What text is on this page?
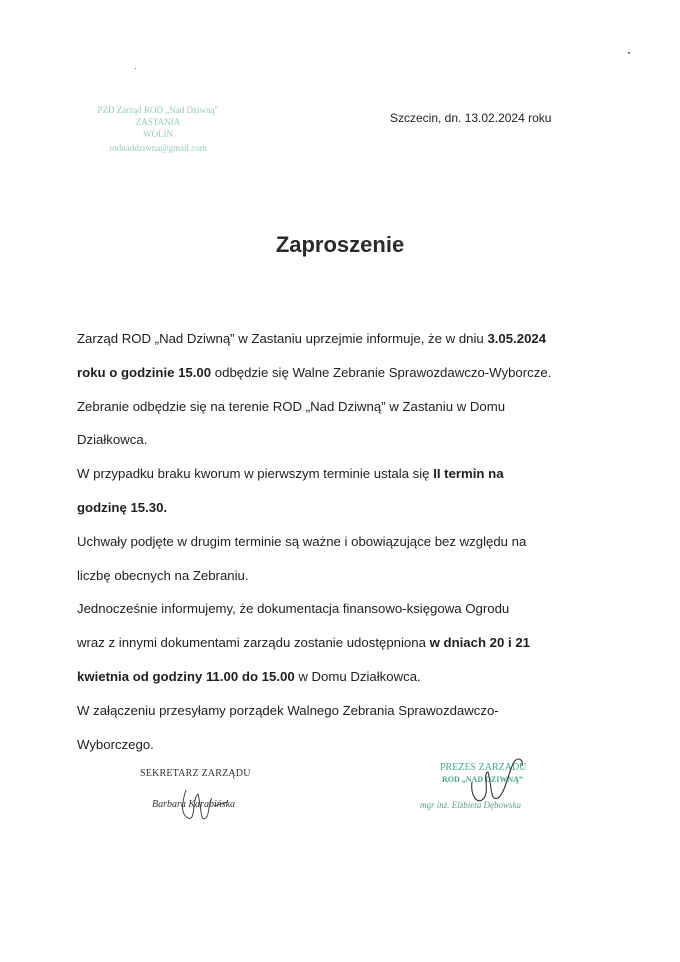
PZD Zarząd ROD „Nad Dziwną”
ZASTANIA
WOLIN
rodnaddziwna@gmail.com
Szczecin, dn. 13.02.2024 roku
Zaproszenie
Zarząd ROD „Nad Dziwną” w Zastaniu uprzejmie informuje, że w dniu 3.05.2024
roku o godzinie 15.00 odbędzie się Walne Zebranie Sprawozdawczo-Wyborcze.
Zebranie odbędzie się na terenie ROD „Nad Dziwną” w Zastaniu w Domu
Działkowca.
W przypadku braku kworum w pierwszym terminie ustala się II termin na
godzinę 15.30.
Uchwały podjęte w drugim terminie są ważne i obowiązujące bez względu na
liczbę obecnych na Zebraniu.
Jednocześnie informujemy, że dokumentacja finansowo-księgowa Ogrodu
wraz z innymi dokumentami zarządu zostanie udostępniona w dniach 20 i 21
kwietnia od godziny 11.00 do 15.00 w Domu Działkowca.
W załączeniu przesyłamy porządek Walnego Zebrania Sprawozdawczo-
Wyborczego.
SEKRETARZ ZARZĄDU
Barbara Karabińska
PREZES ZARZĄDU
ROD „NAD DZIWNĄ”
mgr inż. Elżbieta Dębowska
